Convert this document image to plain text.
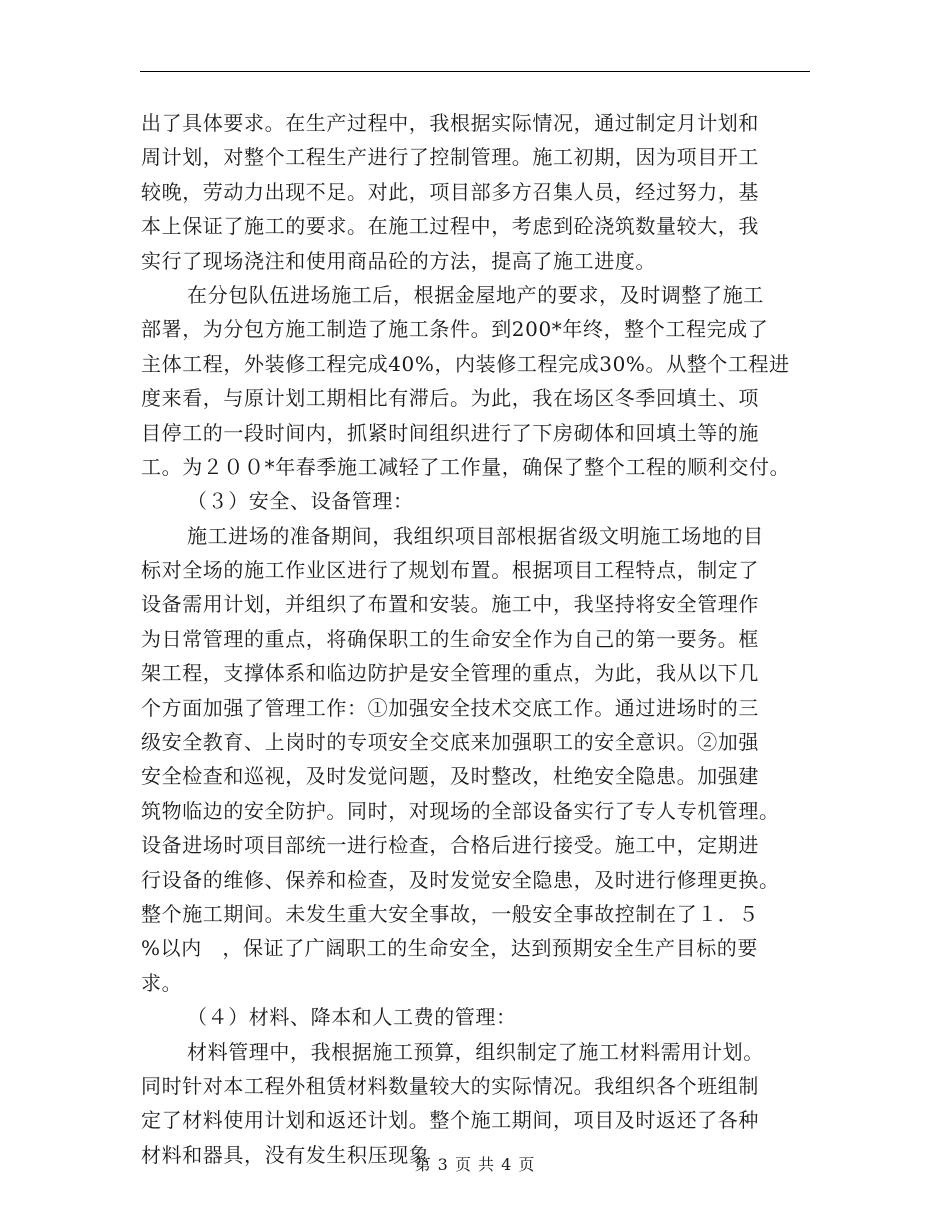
出了具体要求。在生产过程中，我根据实际情况，通过制定月计划和
周计划，对整个工程生产进行了控制管理。施工初期，因为项目开工
较晚，劳动力出现不足。对此，项目部多方召集人员，经过努力，基
本上保证了施工的要求。在施工过程中，考虑到砼浇筑数量较大，我
实行了现场浇注和使用商品砼的方法，提高了施工进度。
在分包队伍进场施工后，根据金屋地产的要求，及时调整了施工
部署，为分包方施工制造了施工条件。到200*年终，整个工程完成了
主体工程，外装修工程完成40%，内装修工程完成30%。从整个工程进
度来看，与原计划工期相比有滞后。为此，我在场区冬季回填土、项
目停工的一段时间内，抓紧时间组织进行了下房砌体和回填土等的施
工。为２００*年春季施工减轻了工作量，确保了整个工程的顺利交付。
（３）安全、设备管理：
施工进场的准备期间，我组织项目部根据省级文明施工场地的目
标对全场的施工作业区进行了规划布置。根据项目工程特点，制定了
设备需用计划，并组织了布置和安装。施工中，我坚持将安全管理作
为日常管理的重点，将确保职工的生命安全作为自己的第一要务。框
架工程，支撑体系和临边防护是安全管理的重点，为此，我从以下几
个方面加强了管理工作：①加强安全技术交底工作。通过进场时的三
级安全教育、上岗时的专项安全交底来加强职工的安全意识。②加强
安全检查和巡视，及时发觉问题，及时整改，杜绝安全隐患。加强建
筑物临边的安全防护。同时，对现场的全部设备实行了专人专机管理。
设备进场时项目部统一进行检查，合格后进行接受。施工中，定期进
行设备的维修、保养和检查，及时发觉安全隐患，及时进行修理更换。
整个施工期间。未发生重大安全事故，一般安全事故控制在了１．５
%以内　，保证了广阔职工的生命安全，达到预期安全生产目标的要
求。
（４）材料、降本和人工费的管理：
材料管理中，我根据施工预算，组织制定了施工材料需用计划。
同时针对本工程外租赁材料数量较大的实际情况。我组织各个班组制
定了材料使用计划和返还计划。整个施工期间，项目及时返还了各种
材料和器具，没有发生积压现象
第 3 页 共 4 页
